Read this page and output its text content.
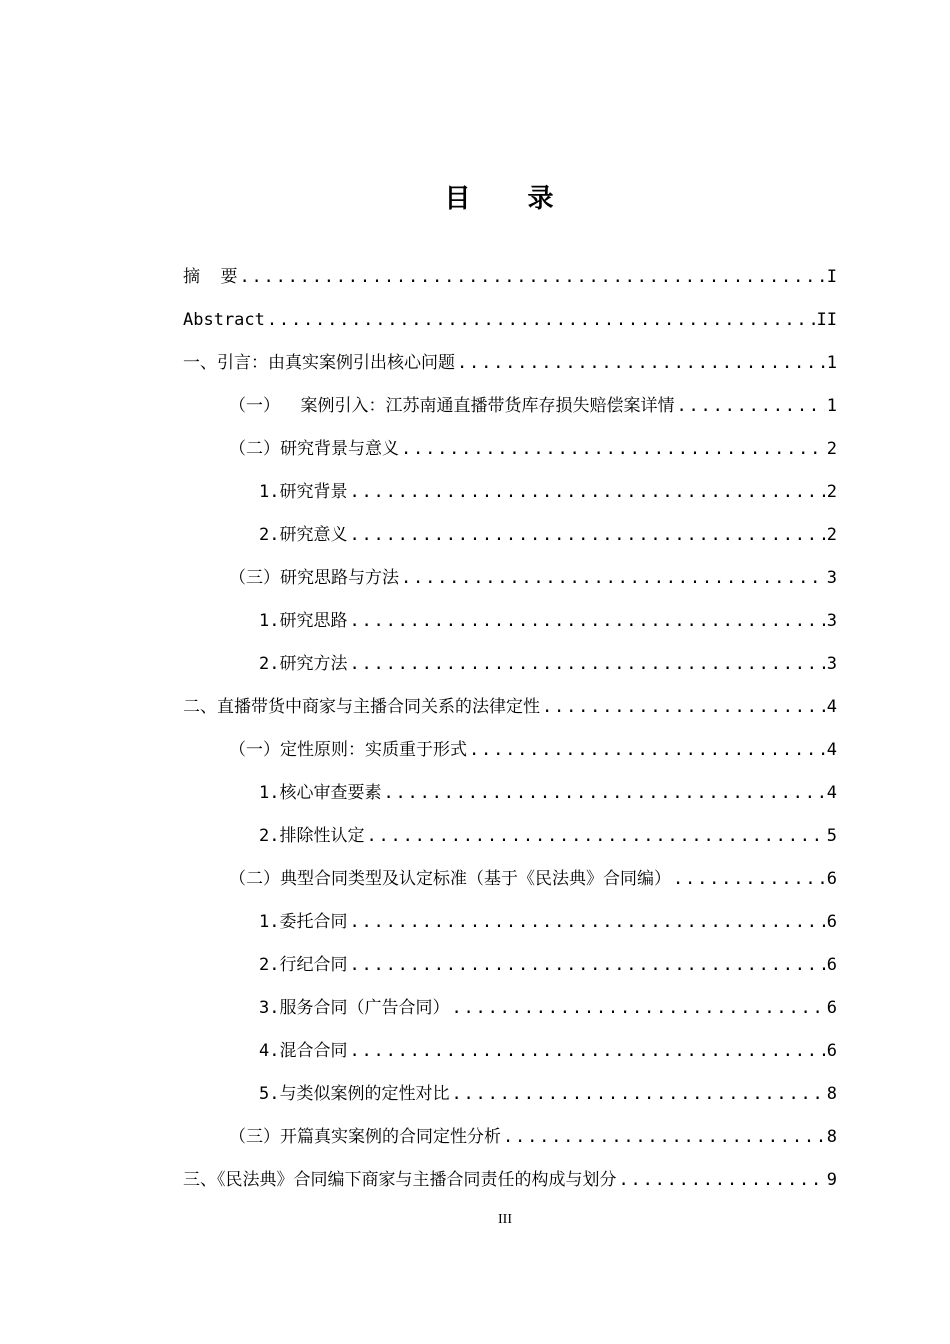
目 录
摘  要 .....	I
Abstract .....	II
一、引言：由真实案例引出核心问题 .....	1
（一）  案例引入：江苏南通直播带货库存损失赔偿案详情 .....	1
（二）研究背景与意义 .....	2
1.研究背景 .....	2
2.研究意义 .....	2
（三）研究思路与方法 .....	3
1.研究思路 .....	3
2.研究方法 .....	3
二、直播带货中商家与主播合同关系的法律定性 .....	4
（一）定性原则：实质重于形式 .....	4
1.核心审查要素 .....	4
2.排除性认定 .....	5
（二）典型合同类型及认定标准（基于《民法典》合同编） .....	6
1.委托合同 .....	6
2.行纪合同 .....	6
3.服务合同（广告合同） .....	6
4.混合合同 .....	6
5.与类似案例的定性对比 .....	8
（三）开篇真实案例的合同定性分析 .....	8
三、《民法典》合同编下商家与主播合同责任的构成与划分 .....	9
III
